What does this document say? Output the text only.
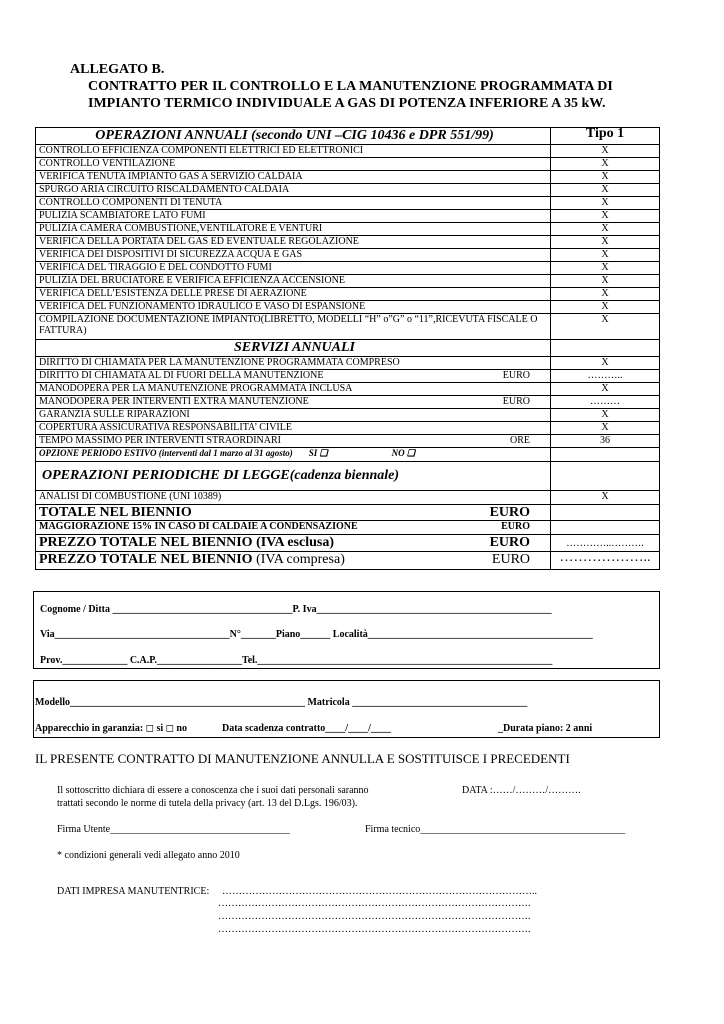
ALLEGATO B.
CONTRATTO PER IL CONTROLLO E LA MANUTENZIONE PROGRAMMATA DI
IMPIANTO TERMICO INDIVIDUALE A GAS DI POTENZA INFERIORE A 35 kW.
OPERAZIONI ANNUALI (secondo UNI –CIG 10436 e DPR 551/99)	Tipo 1
CONTROLLO EFFICIENZA COMPONENTI ELETTRICI ED ELETTRONICI	X
CONTROLLO VENTILAZIONE	X
VERIFICA TENUTA IMPIANTO GAS A SERVIZIO CALDAIA	X
SPURGO ARIA CIRCUITO RISCALDAMENTO CALDAIA	X
CONTROLLO COMPONENTI DI TENUTA	X
PULIZIA SCAMBIATORE LATO FUMI	X
PULIZIA CAMERA COMBUSTIONE,VENTILATORE E VENTURI	X
VERIFICA DELLA PORTATA DEL GAS ED EVENTUALE REGOLAZIONE	X
VERIFICA DEI DISPOSITIVI DI SICUREZZA ACQUA E GAS	X
VERIFICA DEL TIRAGGIO E DEL CONDOTTO FUMI	X
PULIZIA DEL BRUCIATORE E VERIFICA EFFICIENZA ACCENSIONE	X
VERIFICA DELL’ESISTENZA DELLE PRESE DI AERAZIONE	X
VERIFICA DEL FUNZIONAMENTO IDRAULICO E VASO DI ESPANSIONE	X
COMPILAZIONE DOCUMENTAZIONE IMPIANTO(LIBRETTO, MODELLI “H” o”G” o “11”,RICEVUTA FISCALE O FATTURA)	X
SERVIZI ANNUALI	
DIRITTO DI CHIAMATA PER LA MANUTENZIONE PROGRAMMATA COMPRESO	X
DIRITTO DI CHIAMATA AL DI FUORI DELLA MANUTENZIONE EURO	………..
MANODOPERA PER LA MANUTENZIONE PROGRAMMATA INCLUSA	X
MANODOPERA PER INTERVENTI EXTRA MANUTENZIONE EURO	………
GARANZIA SULLE RIPARAZIONI	X
COPERTURA ASSICURATIVA RESPONSABILITA’ CIVILE	X
TEMPO MASSIMO PER INTERVENTI STRAORDINARI ORE	36
OPZIONE PERIODO ESTIVO (interventi dal 1 marzo al 31 agosto) SI ❑ NO ❑	
OPERAZIONI PERIODICHE DI LEGGE(cadenza biennale)	
ANALISI DI COMBUSTIONE (UNI 10389)	X
TOTALE NEL BIENNIO EURO	

MAGGIORAZIONE 15% IN CASO DI CALDAIE A CONDENSAZIONE EURO	

PREZZO TOTALE NEL BIENNIO (IVA esclusa) EURO	…………..……….
PREZZO TOTALE NEL BIENNIO (IVA compresa) EURO	………………..
Cognome / Ditta ____________________________________P. Iva_______________________________________________
Via___________________________________N°_______Piano______ Località_____________________________________________
Prov._____________ C.A.P._________________Tel.___________________________________________________________
Modello_______________________________________________ Matricola ___________________________________
Apparecchio in garanzia: ◻ si ◻ no	Data scadenza contratto____/____/____	_Durata piano: 2 anni
IL PRESENTE CONTRATTO DI MANUTENZIONE ANNULLA E SOSTITUISCE I PRECEDENTI
Il sottoscritto dichiara di essere a conoscenza che i suoi dati personali saranno
trattati secondo le norme di tutela della privacy (art. 13 del D.Lgs. 196/03).
DATA :……/………/……….
Firma Utente____________________________________	Firma tecnico_________________________________________
* condizioni generali vedi allegato anno 2010
DATI IMPRESA MANUTENTRICE: …………………………………………………………………………………..
………………………………………………………………………………….
………………………………………………………………………………….
………………………………………………………………………………….
